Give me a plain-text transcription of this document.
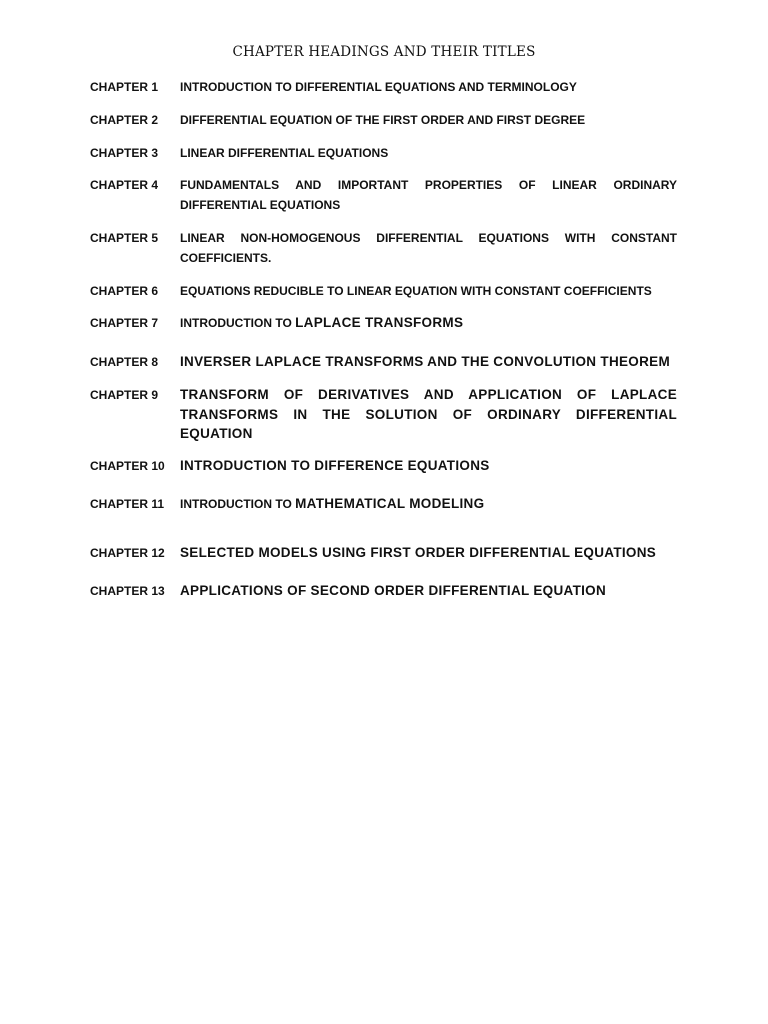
CHAPTER HEADINGS AND THEIR TITLES
CHAPTER 1 INTRODUCTION TO DIFFERENTIAL EQUATIONS AND TERMINOLOGY
CHAPTER 2 DIFFERENTIAL EQUATION OF THE FIRST ORDER AND FIRST DEGREE
CHAPTER 3 LINEAR DIFFERENTIAL EQUATIONS
CHAPTER 4 FUNDAMENTALS AND IMPORTANT PROPERTIES OF LINEAR ORDINARY DIFFERENTIAL EQUATIONS
CHAPTER 5 LINEAR NON-HOMOGENOUS DIFFERENTIAL EQUATIONS WITH CONSTANT COEFFICIENTS.
CHAPTER 6 EQUATIONS REDUCIBLE TO LINEAR EQUATION WITH CONSTANT COEFFICIENTS
CHAPTER 7 INTRODUCTION TO LAPLACE TRANSFORMS
CHAPTER 8 INVERSER LAPLACE TRANSFORMS AND THE CONVOLUTION THEOREM
CHAPTER 9 TRANSFORM OF DERIVATIVES AND APPLICATION OF LAPLACE TRANSFORMS IN THE SOLUTION OF ORDINARY DIFFERENTIAL EQUATION
CHAPTER 10 INTRODUCTION TO DIFFERENCE EQUATIONS
CHAPTER 11 INTRODUCTION TO MATHEMATICAL MODELING
CHAPTER 12 SELECTED MODELS USING FIRST ORDER DIFFERENTIAL EQUATIONS
CHAPTER 13 APPLICATIONS OF SECOND ORDER DIFFERENTIAL EQUATION
